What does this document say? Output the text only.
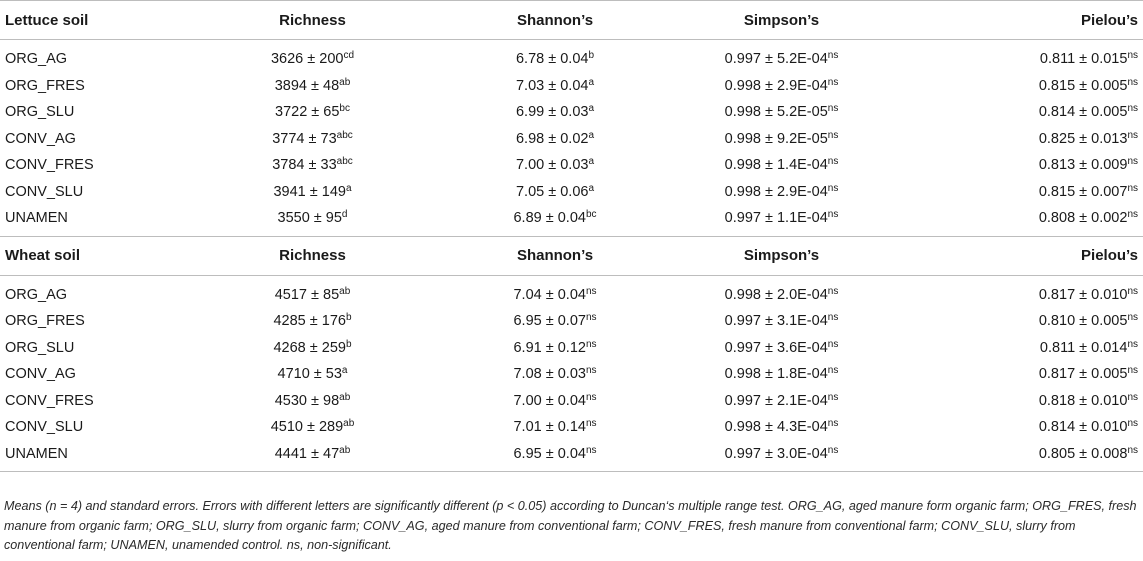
Lettuce soil	Richness	Shannon’s	Simpson’s	Pielou’s
ORG_AG	$3626 \pm 200^{cd}$	6.78 ± 0.04$^b$	$0.997 \pm 5.2E-04^{ns}$	$0.811 \pm 0.015^{ns}$
ORG_FRES	$3894 \pm 48^{ab}$	7.03 ± 0.04$^a$	$0.998 \pm 2.9E-04^{ns}$	$0.815 \pm 0.005^{ns}$
ORG_SLU	$3722 \pm 65^{bc}$	6.99 ± 0.03$^a$	$0.998 \pm 5.2E-05^{ns}$	$0.814 \pm 0.005^{ns}$
CONV_AG	$3774 \pm 73^{abc}$	6.98 ± 0.02$^a$	$0.998 \pm 9.2E-05^{ns}$	$0.825 \pm 0.013^{ns}$
CONV_FRES	$3784 \pm 33^{abc}$	7.00 ± 0.03$^a$	$0.998 \pm 1.4E-04^{ns}$	$0.813 \pm 0.009^{ns}$
CONV_SLU	$3941 \pm 149^a$	7.05 ± 0.06$^a$	$0.998 \pm 2.9E-04^{ns}$	$0.815 \pm 0.007^{ns}$
UNAMEN	$3550 \pm 95^d$	6.89 ± 0.04$^{bc}$	$0.997 \pm 1.1E-04^{ns}$	$0.808 \pm 0.002^{ns}$
Wheat soil	Richness	Shannon’s	Simpson’s	Pielou’s
ORG_AG	$4517 \pm 85^{ab}$	$7.04 \pm 0.04^{ns}$	$0.998 \pm 2.0E-04^{ns}$	$0.817 \pm 0.010^{ns}$
ORG_FRES	$4285 \pm 176^b$	$6.95 \pm 0.07^{ns}$	$0.997 \pm 3.1E-04^{ns}$	$0.810 \pm 0.005^{ns}$
ORG_SLU	$4268 \pm 259^b$	$6.91 \pm 0.12^{ns}$	$0.997 \pm 3.6E-04^{ns}$	$0.811 \pm 0.014^{ns}$
CONV_AG	$4710 \pm 53^a$	$7.08 \pm 0.03^{ns}$	$0.998 \pm 1.8E-04^{ns}$	$0.817 \pm 0.005^{ns}$
CONV_FRES	$4530 \pm 98^{ab}$	$7.00 \pm 0.04^{ns}$	$0.997 \pm 2.1E-04^{ns}$	$0.818 \pm 0.010^{ns}$
CONV_SLU	$4510 \pm 289^{ab}$	$7.01 \pm 0.14^{ns}$	$0.998 \pm 4.3E-04^{ns}$	$0.814 \pm 0.010^{ns}$
UNAMEN	$4441 \pm 47^{ab}$	$6.95 \pm 0.04^{ns}$	$0.997 \pm 3.0E-04^{ns}$	$0.805 \pm 0.008^{ns}$
Means (n = 4) and standard errors. Errors with different letters are significantly different (p < 0.05) according to Duncan‘s multiple range test. ORG_AG, aged manure form organic farm; ORG_FRES, fresh manure from organic farm; ORG_SLU, slurry from organic farm; CONV_AG, aged manure from conventional farm; CONV_FRES, fresh manure from conventional farm; CONV_SLU, slurry from conventional farm; UNAMEN, unamended control. ns, non-significant.
